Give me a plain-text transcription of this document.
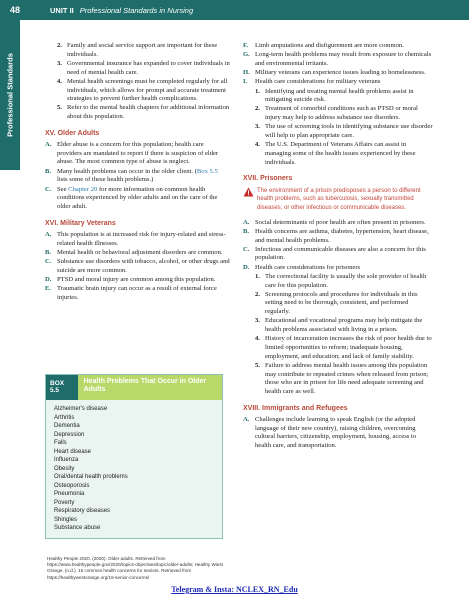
48	UNIT II Professional Standards in Nursing
Professional Standards
2. Family and social service support are important for these individuals.
3. Governmental insurance has expanded to cover individuals in need of mental health care.
4. Mental health screenings must be completed regularly for all individuals, which allows for prompt and accurate treatment strategies to prevent further health complications.
5. Refer to the mental health chapters for additional information about this population.
XV. Older Adults
A. Elder abuse is a concern for this population; health care providers are mandated to report if there is suspicion of elder abuse. The most common type of abuse is neglect.
B. Many health problems can occur in the older client. (Box 5.5 lists some of these health problems.)
C. See Chapter 20 for more information on common health conditions experienced by older adults and on the care of the older adult.
XVI. Military Veterans
A. This population is at increased risk for injury-related and stress-related health illnesses.
B. Mental health or behavioral adjustment disorders are common.
C. Substance use disorders with tobacco, alcohol, or other drugs and suicide are more common.
D. PTSD and moral injury are common among this population.
E. Traumatic brain injury can occur as a result of external force injuries.
BOX 5.5
Health Problems That Occur in Older Adults
Alzheimer's disease
Arthritis
Dementia
Depression
Falls
Heart disease
Influenza
Obesity
Oral/dental health problems
Osteoporosis
Pneumonia
Poverty
Respiratory diseases
Shingles
Substance abuse
Healthy People 2020. (2020). Older adults. Retrieved from https://www.healthypeople.gov/2020/topics-objectives/topic/older-adults; Healthy Wiest Orange. (n.d.). 15 common health concerns for seniors. Retrieved from https://healthywestorange.org/15-senior-concerns/
F.	Limb amputations and disfigurement are more common.
G. Long-term health problems may result from exposure to chemicals and environmental irritants.
H. Military veterans can experience issues leading to homelessness.
I.	Health care considerations for military veterans
1. Identifying and treating mental health problems assist in mitigating suicide risk.
2. Treatment of comorbid conditions such as PTSD or moral injury may help to address substance use disorders.
3. The use of screening tools in identifying substance use disorder will help to plan appropriate care.
4. The U.S. Department of Veterans Affairs can assist in managing some of the health issues experienced by these individuals.
XVII. Prisoners
The environment of a prison predisposes a person to different health problems, such as tuberculosis, sexually transmitted diseases, or other infectious or communicable diseases.
A. Social determinants of poor health are often present in prisoners.
B. Health concerns are asthma, diabetes, hypertension, heart disease, and mental health problems.
C. Infectious and communicable diseases are also a concern for this population.
D. Health care considerations for prisoners
1. The correctional facility is usually the sole provider of health care for this population.
2. Screening protocols and procedures for individuals in this setting need to be thorough, consistent, and performed regularly.
3. Educational and vocational programs may help mitigate the health problems associated with living in a prison.
4. History of incarceration increases the risk of poor health due to limited opportunities to reform; inadequate housing, employment, and education; and lack of family stability.
5. Failure to address mental health issues among this population may contribute to repeated crimes when released from prison; those who are in prison for life need adequate screening and health care as well.
XVIII. Immigrants and Refugees
A. Challenges include learning to speak English (or the adopted language of their new country), raising children, overcoming cultural barriers, citizenship, employment, housing, access to health care, and transportation.
Telegram & Insta: NCLEX_RN_Edu
